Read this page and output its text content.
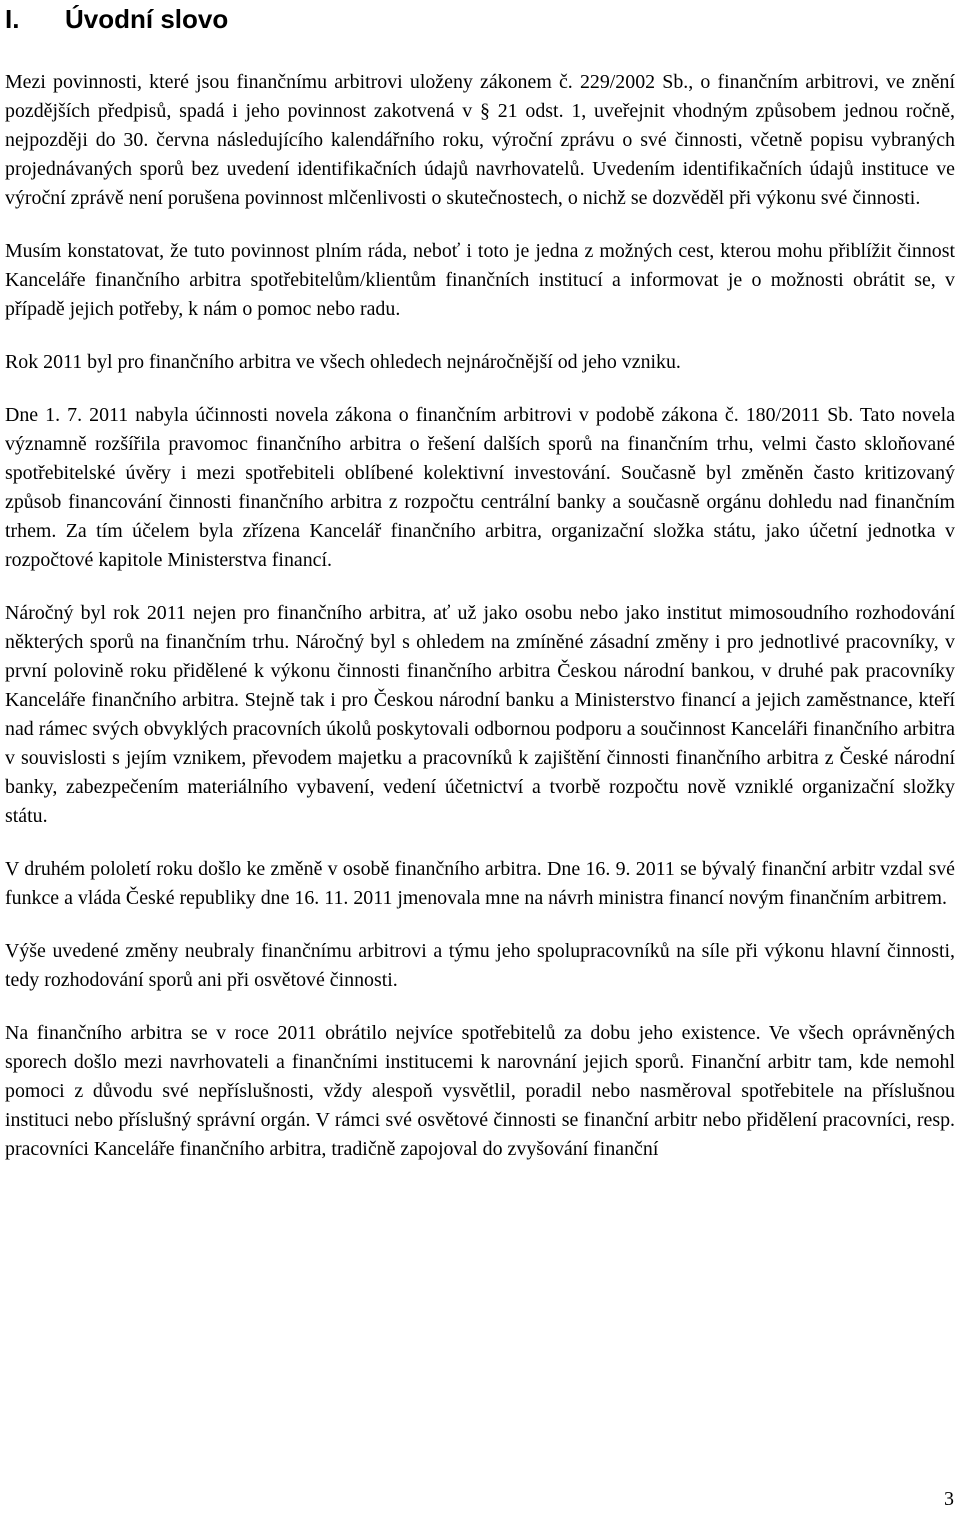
I.	Úvodní slovo

Mezi povinnosti, které jsou finančnímu arbitrovi uloženy zákonem č. 229/2002 Sb., o finančním arbitrovi, ve znění pozdějších předpisů, spadá i jeho povinnost zakotvená v § 21 odst. 1, uveřejnit vhodným způsobem jednou ročně, nejpozději do 30. června následujícího kalendářního roku, výroční zprávu o své činnosti, včetně popisu vybraných projednávaných sporů bez uvedení identifikačních údajů navrhovatelů. Uvedením identifikačních údajů instituce ve výroční zprávě není porušena povinnost mlčenlivosti o skutečnostech, o nichž se dozvěděl při výkonu své činnosti.

Musím konstatovat, že tuto povinnost plním ráda, neboť i toto je jedna z možných cest, kterou mohu přiblížit činnost Kanceláře finančního arbitra spotřebitelům/klientům finančních institucí a informovat je o možnosti obrátit se, v případě jejich potřeby, k nám o pomoc nebo radu.

Rok 2011 byl pro finančního arbitra ve všech ohledech nejnáročnější od jeho vzniku.

Dne 1. 7. 2011 nabyla účinnosti novela zákona o finančním arbitrovi v podobě zákona č. 180/2011 Sb. Tato novela významně rozšířila pravomoc finančního arbitra o řešení dalších sporů na finančním trhu, velmi často skloňované spotřebitelské úvěry i mezi spotřebiteli oblíbené kolektivní investování. Současně byl změněn často kritizovaný způsob financování činnosti finančního arbitra z rozpočtu centrální banky a současně orgánu dohledu nad finančním trhem. Za tím účelem byla zřízena Kancelář finančního arbitra, organizační složka státu, jako účetní jednotka v rozpočtové kapitole Ministerstva financí.

Náročný byl rok 2011 nejen pro finančního arbitra, ať už jako osobu nebo jako institut mimosoudního rozhodování některých sporů na finančním trhu. Náročný byl s ohledem na zmíněné zásadní změny i pro jednotlivé pracovníky, v první polovině roku přidělené k výkonu činnosti finančního arbitra Českou národní bankou, v druhé pak pracovníky Kanceláře finančního arbitra. Stejně tak i pro Českou národní banku a Ministerstvo financí a jejich zaměstnance, kteří nad rámec svých obvyklých pracovních úkolů poskytovali odbornou podporu a součinnost Kanceláři finančního arbitra v souvislosti s jejím vznikem, převodem majetku a pracovníků k zajištění činnosti finančního arbitra z České národní banky, zabezpečením materiálního vybavení, vedení účetnictví a tvorbě rozpočtu nově vzniklé organizační složky státu.

V druhém pololetí roku došlo ke změně v osobě finančního arbitra. Dne 16. 9. 2011 se bývalý finanční arbitr vzdal své funkce a vláda České republiky dne 16. 11. 2011 jmenovala mne na návrh ministra financí novým finančním arbitrem.

Výše uvedené změny neubraly finančnímu arbitrovi a týmu jeho spolupracovníků na síle při výkonu hlavní činnosti, tedy rozhodování sporů ani při osvětové činnosti.

Na finančního arbitra se v roce 2011 obrátilo nejvíce spotřebitelů za dobu jeho existence. Ve všech oprávněných sporech došlo mezi navrhovateli a finančními institucemi k narovnání jejich sporů. Finanční arbitr tam, kde nemohl pomoci z důvodu své nepříslušnosti, vždy alespoň vysvětlil, poradil nebo nasměroval spotřebitele na příslušnou instituci nebo příslušný správní orgán. V rámci své osvětové činnosti se finanční arbitr nebo přidělení pracovníci, resp. pracovníci Kanceláře finančního arbitra, tradičně zapojoval do zvyšování finanční

3
